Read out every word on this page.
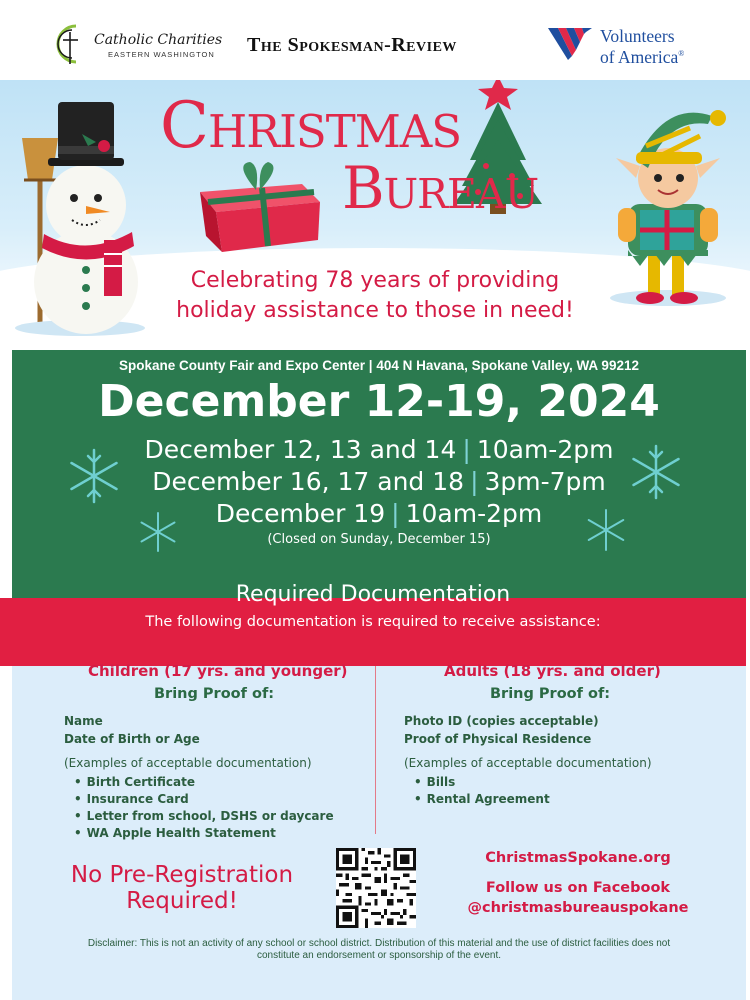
Catholic Charities
EASTERN WASHINGTON The Spokesman-Review	Volunteers
of America®
Christmas
Bureau
Celebrating 78 years of providing
holiday assistance to those in need!
Spokane County Fair and Expo Center | 404 N Havana, Spokane Valley, WA 99212
December 12-19, 2024
December 12, 13 and 14 | 10am-2pm
December 16, 17 and 18 | 3pm-7pm
December 19 | 10am-2pm
(Closed on Sunday, December 15)
Required Documentation
The following documentation is required to receive assistance:
Children (17 yrs. and younger)
Bring Proof of:
Name
Date of Birth or Age
(Examples of acceptable documentation)
• Birth Certificate
• Insurance Card
• Letter from school, DSHS or daycare
• WA Apple Health Statement
Adults (18 yrs. and older)
Bring Proof of:
Photo ID (copies acceptable)
Proof of Physical Residence
(Examples of acceptable documentation)
• Bills
• Rental Agreement
No Pre-Registration
Required!
ChristmasSpokane.org
Follow us on Facebook
@christmasbureauspokane
Disclaimer: This is not an activity of any school or school district. Distribution of this material and the use of district facilities does not constitute an endorsement or sponsorship of the event.
